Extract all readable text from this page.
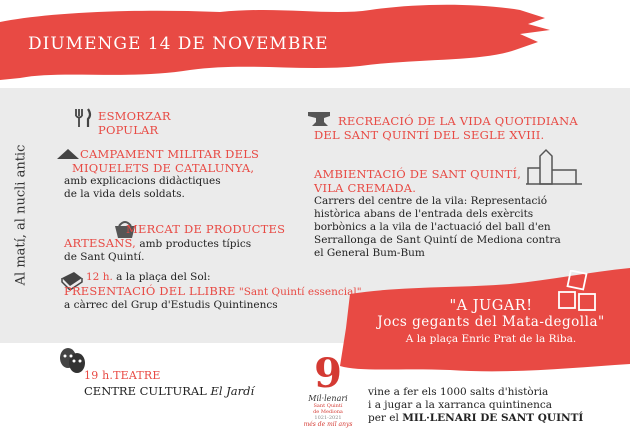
DIUMENGE 14 DE NOVEMBRE
Al matí, al nucli antic
ESMORZAR
POPULAR
CAMPAMENT MILITAR DELS
MIQUELETS DE CATALUNYA,
amb explicacions didàctiques
de la vida dels soldats.
MERCAT DE PRODUCTES
ARTESANS, amb productes típics
de Sant Quintí.
12 h. a la plaça del Sol:
PRESENTACIÓ DEL LLIBRE "Sant Quintí essencial"
a càrrec del Grup d'Estudis Quintinencs
RECREACIÓ DE LA VIDA QUOTIDIANA
DEL SANT QUINTÍ DEL SEGLE XVIII.
AMBIENTACIÓ DE SANT QUINTÍ,
VILA CREMADA.
Carrers del centre de la vila: Representació
històrica abans de l'entrada dels exèrcits
borbònics a la vila de l'actuació del ball d'en
Serrallonga de Sant Quintí de Mediona contra
el General Bum-Bum
"A JUGAR!
Jocs gegants del Mata-degolla"
A la plaça Enric Prat de la Riba.
19 h.TEATRE
CENTRE CULTURAL El Jardí	9
Mil·lenari
Sant Quintí
de Mediona
1021-2021
més de mil anys
vine a fer els 1000 salts d'història
i a jugar a la xarranca quintinenca
per el MIL·LENARI DE SANT QUINTÍ
